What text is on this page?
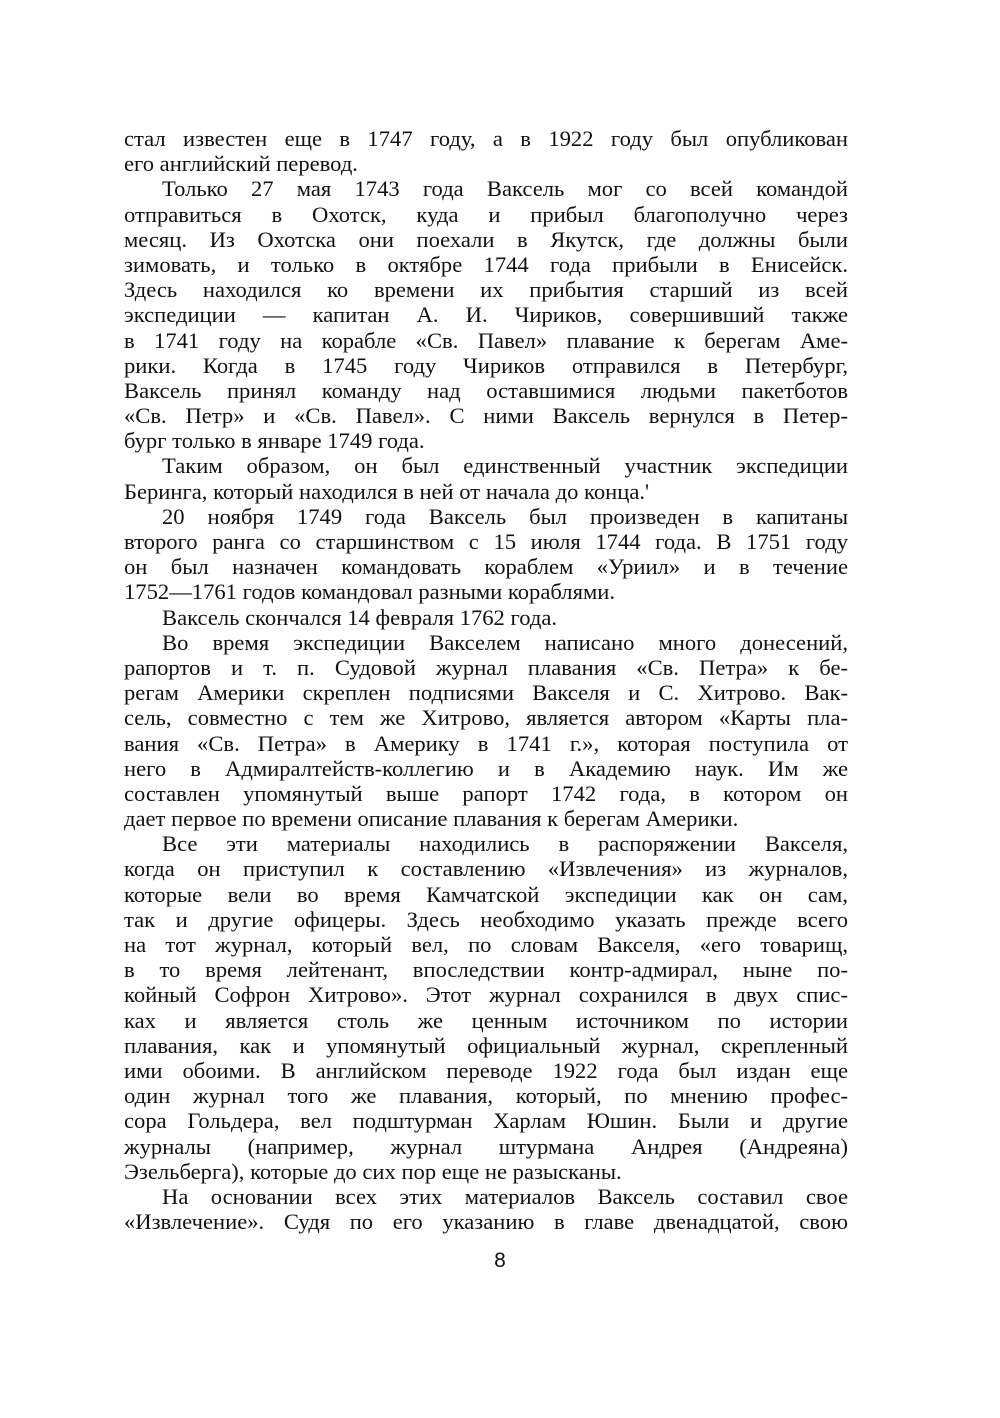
стал известен еще в 1747 году, а в 1922 году был опубликован
его английский перевод.
Только 27 мая 1743 года Ваксель мог со всей командой
отправиться в Охотск, куда и прибыл благополучно через
месяц. Из Охотска они поехали в Якутск, где должны были
зимовать, и только в октябре 1744 года прибыли в Енисейск.
Здесь находился ко времени их прибытия старший из всей
экспедиции — капитан А. И. Чириков, совершивший также
в 1741 году на корабле «Св. Павел» плавание к берегам Аме-
рики. Когда в 1745 году Чириков отправился в Петербург,
Ваксель принял команду над оставшимися людьми пакетботов
«Св. Петр» и «Св. Павел». С ними Ваксель вернулся в Петер-
бург только в январе 1749 года.
Таким образом, он был единственный участник экспедиции
Беринга, который находился в ней от начала до конца.'
20 ноября 1749 года Ваксель был произведен в капитаны
второго ранга со старшинством с 15 июля 1744 года. В 1751 году
он был назначен командовать кораблем «Уриил» и в течение
1752—1761 годов командовал разными кораблями.
Ваксель скончался 14 февраля 1762 года.
Во время экспедиции Вакселем написано много донесений,
рапортов и т. п. Судовой журнал плавания «Св. Петра» к бе-
регам Америки скреплен подписями Вакселя и С. Хитрово. Вак-
сель, совместно с тем же Хитрово, является автором «Карты пла-
вания «Св. Петра» в Америку в 1741 г.», которая поступила от
него в Адмиралтейств-коллегию и в Академию наук. Им же
составлен упомянутый выше рапорт 1742 года, в котором он
дает первое по времени описание плавания к берегам Америки.
Все эти материалы находились в распоряжении Вакселя,
когда он приступил к составлению «Извлечения» из журналов,
которые вели во время Камчатской экспедиции как он сам,
так и другие офицеры. Здесь необходимо указать прежде всего
на тот журнал, который вел, по словам Вакселя, «его товарищ,
в то время лейтенант, впоследствии контр-адмирал, ныне по-
койный Софрон Хитрово». Этот журнал сохранился в двух спис-
ках и является столь же ценным источником по истории
плавания, как и упомянутый официальный журнал, скрепленный
ими обоими. В английском переводе 1922 года был издан еще
один журнал того же плавания, который, по мнению профес-
сора Гольдера, вел подштурман Харлам Юшин. Были и другие
журналы (например, журнал штурмана Андрея (Андреяна)
Эзельберга), которые до сих пор еще не разысканы.
На основании всех этих материалов Ваксель составил свое
«Извлечение». Судя по его указанию в главе двенадцатой, свою
8
